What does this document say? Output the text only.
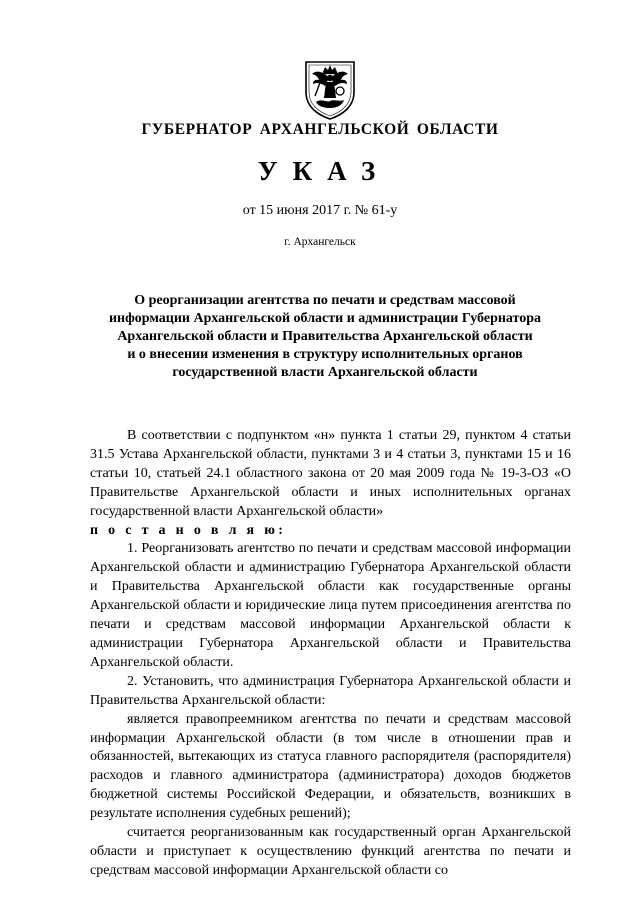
ГУБЕРНАТОР АРХАНГЕЛЬСКОЙ ОБЛАСТИ
УКАЗ
от 15 июня 2017 г. № 61-у
г. Архангельск
О реорганизации агентства по печати и средствам массовой
информации Архангельской области и администрации Губернатора
Архангельской области и Правительства Архангельской области
и о внесении изменения в структуру исполнительных органов
государственной власти Архангельской области

В соответствии с подпунктом «н» пункта 1 статьи 29, пунктом 4 статьи 31.5 Устава Архангельской области, пунктами 3 и 4 статьи 3, пунктами 15 и 16 статьи 10, статьей 24.1 областного закона от 20 мая 2009 года № 19-3-ОЗ «О Правительстве Архангельской области и иных исполнительных органах государственной власти Архангельской области»

п о с т а н о в л я ю:

1. Реорганизовать агентство по печати и средствам массовой информации Архангельской области и администрацию Губернатора Архангельской области и Правительства Архангельской области как государственные органы Архангельской области и юридические лица путем присоединения агентства по печати и средствам массовой информации Архангельской области к администрации Губернатора Архангельской области и Правительства Архангельской области.

2. Установить, что администрация Губернатора Архангельской области и Правительства Архангельской области:

является правопреемником агентства по печати и средствам массовой информации Архангельской области (в том числе в отношении прав и обязанностей, вытекающих из статуса главного распорядителя (распорядителя) расходов и главного администратора (администратора) доходов бюджетов бюджетной системы Российской Федерации, и обязательств, возникших в результате исполнения судебных решений);

считается реорганизованным как государственный орган Архангельской области и приступает к осуществлению функций агентства по печати и средствам массовой информации Архангельской области со
